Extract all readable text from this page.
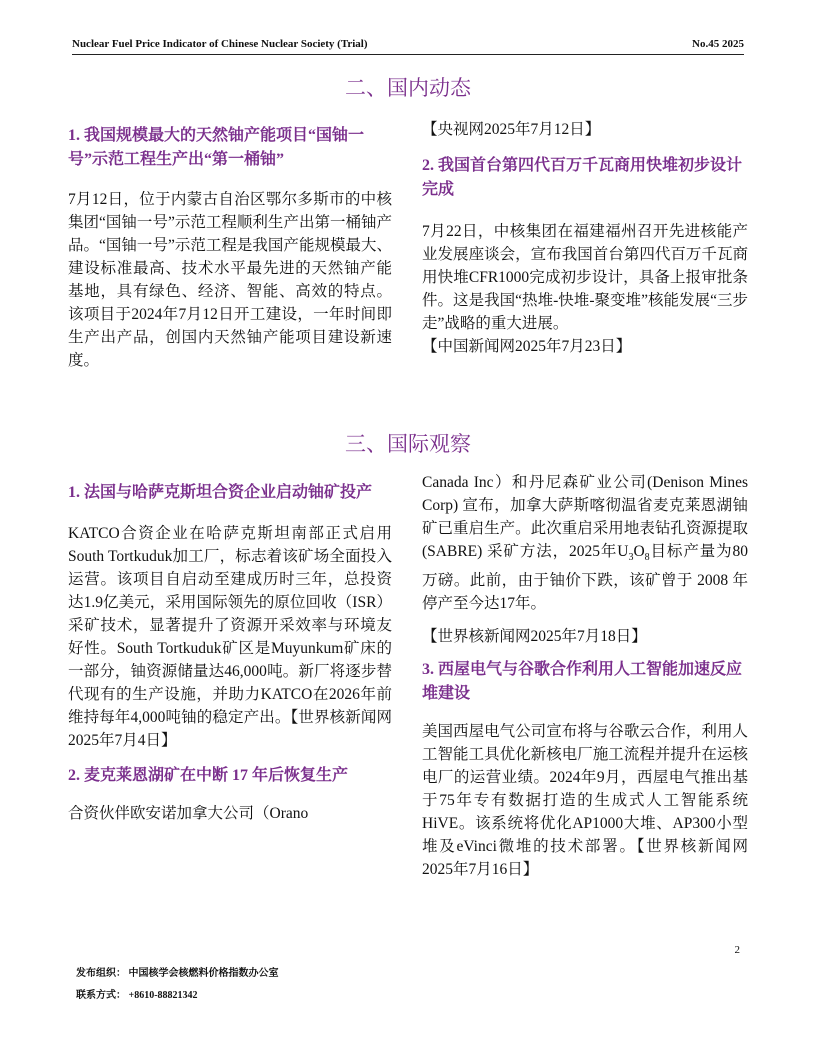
Nuclear Fuel Price Indicator of Chinese Nuclear Society (Trial)	No.45 2025
二、国内动态

1. 我国规模最大的天然铀产能项目“国铀一号”示范工程生产出“第一桶铀”

7月12日，位于内蒙古自治区鄂尔多斯市的中核集团“国铀一号”示范工程顺利生产出第一桶铀产品。“国铀一号”示范工程是我国产能规模最大、建设标准最高、技术水平最先进的天然铀产能基地，具有绿色、经济、智能、高效的特点。该项目于2024年7月12日开工建设，一年时间即生产出产品，创国内天然铀产能项目建设新速度。

【央视网2025年7月12日】

2. 我国首台第四代百万千瓦商用快堆初步设计完成

7月22日，中核集团在福建福州召开先进核能产业发展座谈会，宣布我国首台第四代百万千瓦商用快堆CFR1000完成初步设计，具备上报审批条件。这是我国“热堆-快堆-聚变堆”核能发展“三步走”战略的重大进展。

【中国新闻网2025年7月23日】

三、国际观察

1. 法国与哈萨克斯坦合资企业启动铀矿投产

KATCO合资企业在哈萨克斯坦南部正式启用South Tortkuduk加工厂，标志着该矿场全面投入运营。该项目自启动至建成历时三年，总投资达1.9亿美元，采用国际领先的原位回收（ISR）采矿技术，显著提升了资源开采效率与环境友好性。South Tortkuduk矿区是Muyunkum矿床的一部分，铀资源储量达46,000吨。新厂将逐步替代现有的生产设施，并助力KATCO在2026年前维持每年4,000吨铀的稳定产出。【世界核新闻网2025年7月4日】

2. 麦克莱恩湖矿在中断 17 年后恢复生产

合资伙伴欧安诺加拿大公司（Orano

Canada Inc）和丹尼森矿业公司(Denison Mines Corp) 宣布，加拿大萨斯喀彻温省麦克莱恩湖铀矿已重启生产。此次重启采用地表钻孔资源提取(SABRE) 采矿方法，2025年$U_3O_8$目标产量为80万磅。此前，由于铀价下跌，该矿曾于 2008 年停产至今达17年。

【世界核新闻网2025年7月18日】

3. 西屋电气与谷歌合作利用人工智能加速反应堆建设

美国西屋电气公司宣布将与谷歌云合作，利用人工智能工具优化新核电厂施工流程并提升在运核电厂的运营业绩。2024年9月，西屋电气推出基于75年专有数据打造的生成式人工智能系统HiVE。该系统将优化AP1000大堆、AP300小型堆及eVinci微堆的技术部署。【世界核新闻网2025年7月16日】

2
发布组织： 中国核学会核燃料价格指数办公室
联系方式： +8610-88821342
